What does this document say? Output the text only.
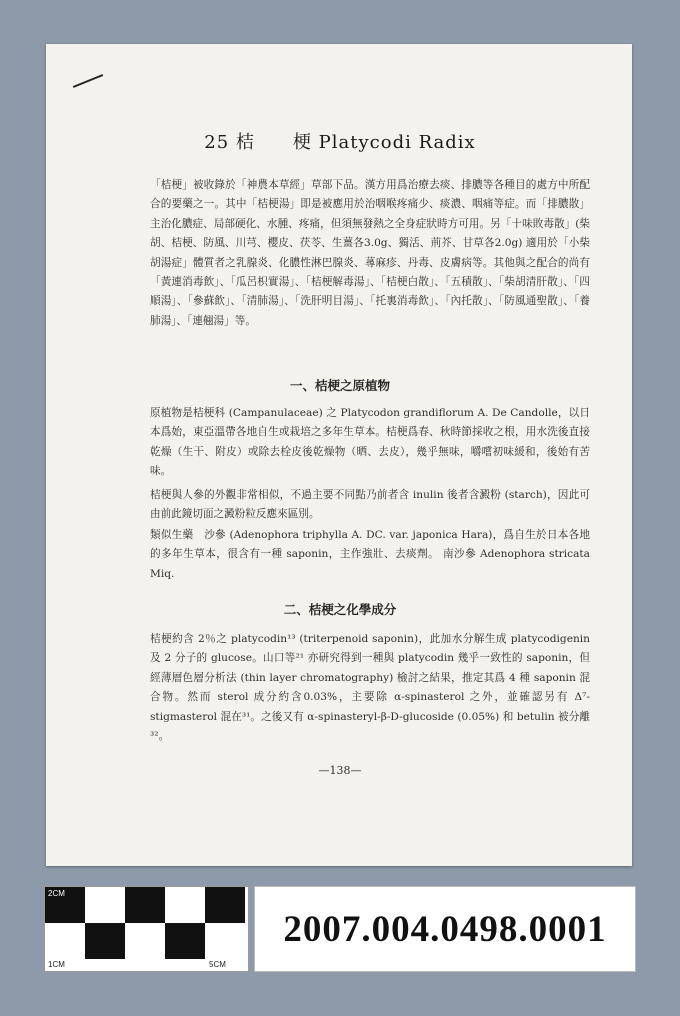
25 桔　　梗 Platycodi Radix
「桔梗」被收錄於「神農本草經」草部下品。漢方用爲治療去痰、排膿等各種目的處方中所配合的要藥之一。其中「桔梗湯」即是被應用於治咽喉疼痛少、痰濃、咽痛等症。而「排膿散」主治化膿症、局部硬化、水腫、疼痛，但須無發熱之全身症狀時方可用。另「十味敗毒散」(柴胡、桔梗、防風、川芎、櫻皮、茯苓、生薑各3.0g、獨活、荊芥、甘草各2.0g) 適用於「小柴胡湯症」體質者之乳腺炎、化膿性淋巴腺炎、蕁麻疹、丹毒、皮膚病等。其他與之配合的尚有「黃連消毒飲」、「瓜呂枳實湯」、「桔梗解毒湯」、「桔梗白散」、「五積散」、「柴胡清肝散」、「四順湯」、「參蘇飲」、「清肺湯」、「洗肝明目湯」、「托裏消毒飲」、「內托散」、「防風通聖散」、「養肺湯」、「連翹湯」等。
一、桔梗之原植物
原植物是桔梗科 (Campanulaceae) 之 Platycodon grandiflorum A. De Candolle，以日本爲始，東亞溫帶各地自生或栽培之多年生草本。桔梗爲春、秋時節採收之根，用水洗後直接乾燥（生干、附皮）或除去栓皮後乾燥物（晒、去皮），幾乎無味，嚼嚐初味緩和，後始有苦味。
桔梗與人參的外觀非常相似，不過主要不同點乃前者含 inulin 後者含澱粉 (starch)，因此可由前此鏡切面之澱粉粒反應來區別。
類似生藥　沙參 (Adenophora triphylla A. DC. var. japonica Hara)，爲自生於日本各地的多年生草本，很含有一種 saponin，主作強壯、去痰劑。 南沙參 Adenophora stricata Miq.
二、桔梗之化學成分
桔梗約含 2％之 platycodin¹³ (triterpenoid saponin)，此加水分解生成 platycodigenin 及 2 分子的 glucose。山口等²¹ 亦研究得到一種與 platycodin 幾乎一致性的 saponin，但經薄層色層分析法 (thin layer chromatography) 檢討之結果，推定其爲 4 種 saponin 混合物。然而 sterol 成分約含0.03%，主要除 α-spinasterol 之外，並確認另有 Δ⁷-stigmasterol 混在³¹。之後又有 α-spinasteryl-β-D-glucoside (0.05%) 和 betulin 被分離³²。
—138—
2CM
1CM	5CM
2007.004.0498.0001
